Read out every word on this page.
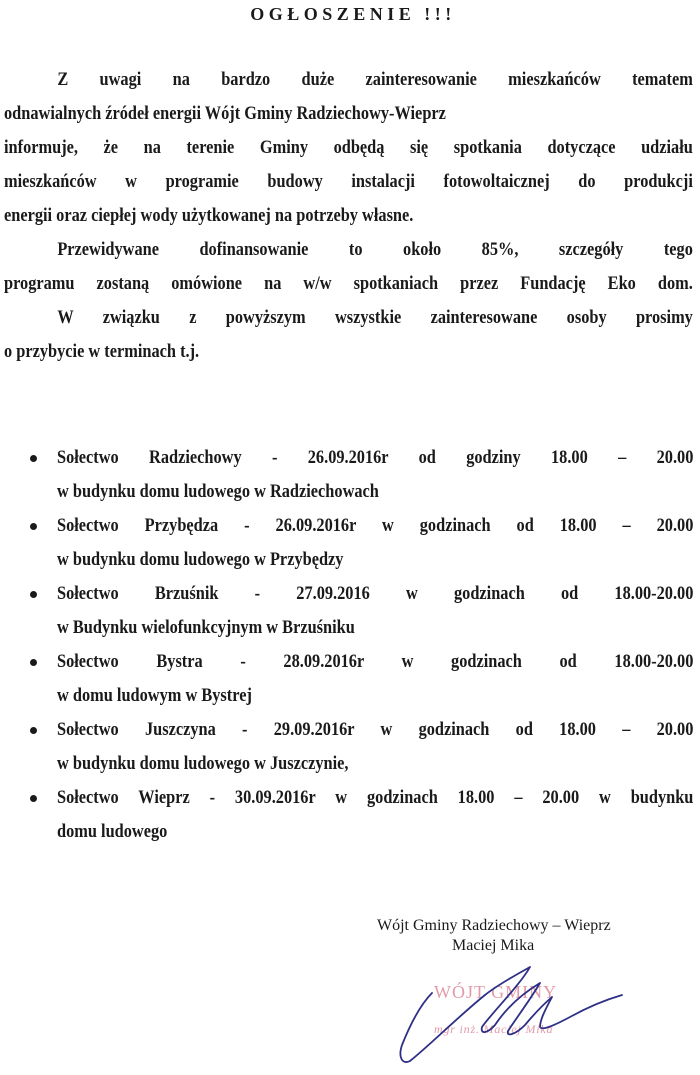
OGŁOSZENIE !!!
Z uwagi na bardzo duże zainteresowanie mieszkańców tematem
odnawialnych źródeł energii Wójt Gminy Radziechowy-Wieprz
informuje, że na terenie Gminy odbędą się spotkania dotyczące udziału
mieszkańców w programie budowy instalacji fotowoltaicznej do produkcji
energii oraz ciepłej wody użytkowanej na potrzeby własne.
Przewidywane dofinansowanie to około 85%, szczegóły tego
programu zostaną omówione na w/w spotkaniach przez Fundację Eko dom.
W związku z powyższym wszystkie zainteresowane osoby prosimy
o przybycie w terminach t.j.
Sołectwo Radziechowy - 26.09.2016r od godziny 18.00 – 20.00
w budynku domu ludowego w Radziechowach
Sołectwo Przybędza - 26.09.2016r w godzinach od 18.00 – 20.00
w budynku domu ludowego w Przybędzy
Sołectwo Brzuśnik - 27.09.2016 w godzinach od 18.00-20.00
w Budynku wielofunkcyjnym w Brzuśniku
Sołectwo Bystra - 28.09.2016r w godzinach od 18.00-20.00
w domu ludowym w Bystrej
Sołectwo Juszczyna - 29.09.2016r w godzinach od 18.00 – 20.00
w budynku domu ludowego w Juszczynie,
Sołectwo Wieprz - 30.09.2016r w godzinach 18.00 – 20.00 w budynku
domu ludowego
Wójt Gminy Radziechowy – Wieprz
Maciej Mika
WÓJT GMINY
mgr inż. Maciej Mika
